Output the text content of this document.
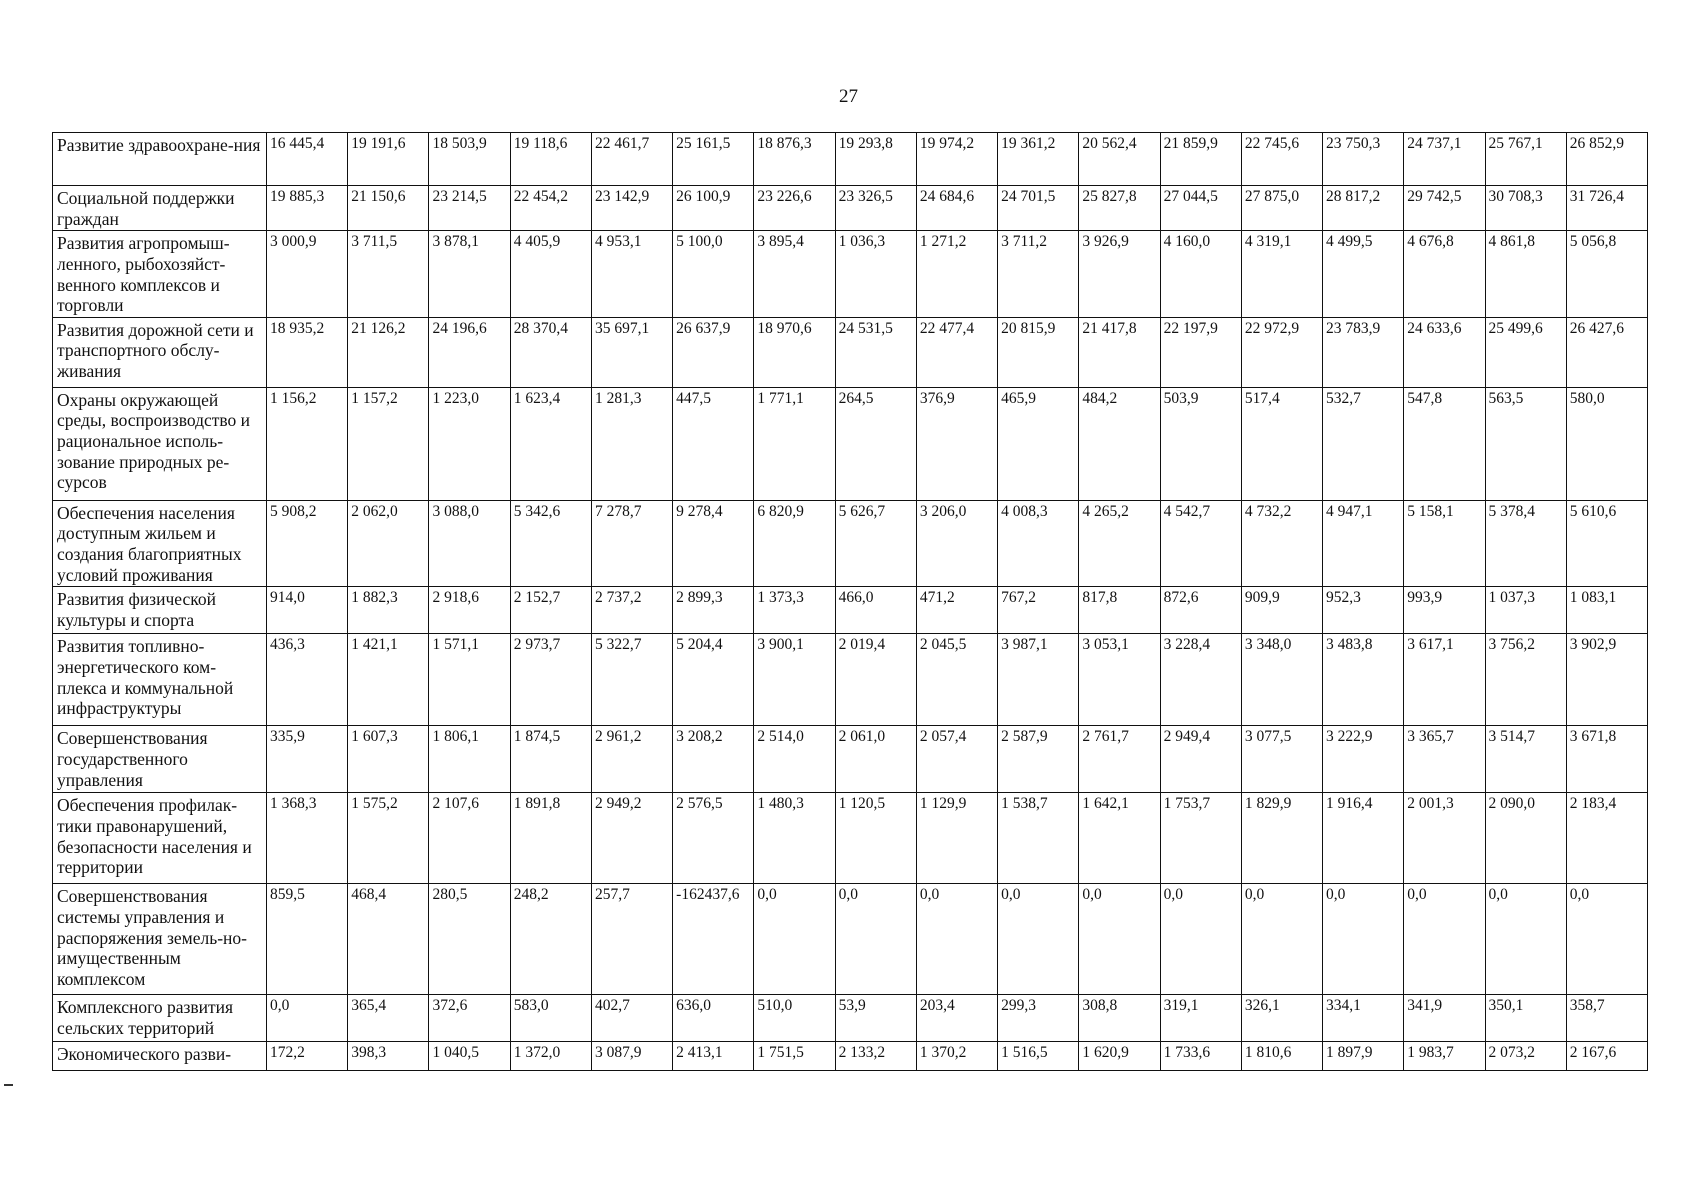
27
Развитие здравоохране-ния	16 445,4	19 191,6	18 503,9	19 118,6	22 461,7	25 161,5	18 876,3	19 293,8	19 974,2	19 361,2	20 562,4	21 859,9	22 745,6	23 750,3	24 737,1	25 767,1	26 852,9
Социальной поддержки граждан	19 885,3	21 150,6	23 214,5	22 454,2	23 142,9	26 100,9	23 226,6	23 326,5	24 684,6	24 701,5	25 827,8	27 044,5	27 875,0	28 817,2	29 742,5	30 708,3	31 726,4
Развития агропромыш-ленного, рыбохозяйст-венного комплексов и торговли	3 000,9	3 711,5	3 878,1	4 405,9	4 953,1	5 100,0	3 895,4	1 036,3	1 271,2	3 711,2	3 926,9	4 160,0	4 319,1	4 499,5	4 676,8	4 861,8	5 056,8
Развития дорожной сети и транспортного обслу-живания	18 935,2	21 126,2	24 196,6	28 370,4	35 697,1	26 637,9	18 970,6	24 531,5	22 477,4	20 815,9	21 417,8	22 197,9	22 972,9	23 783,9	24 633,6	25 499,6	26 427,6
Охраны окружающей среды, воспроизводство и рациональное исполь-зование природных ре-сурсов	1 156,2	1 157,2	1 223,0	1 623,4	1 281,3	447,5	1 771,1	264,5	376,9	465,9	484,2	503,9	517,4	532,7	547,8	563,5	580,0
Обеспечения населения доступным жильем и создания благоприятных условий проживания	5 908,2	2 062,0	3 088,0	5 342,6	7 278,7	9 278,4	6 820,9	5 626,7	3 206,0	4 008,3	4 265,2	4 542,7	4 732,2	4 947,1	5 158,1	5 378,4	5 610,6
Развития физической культуры и спорта	914,0	1 882,3	2 918,6	2 152,7	2 737,2	2 899,3	1 373,3	466,0	471,2	767,2	817,8	872,6	909,9	952,3	993,9	1 037,3	1 083,1
Развития топливно-энергетического ком-плекса и коммунальной инфраструктуры	436,3	1 421,1	1 571,1	2 973,7	5 322,7	5 204,4	3 900,1	2 019,4	2 045,5	3 987,1	3 053,1	3 228,4	3 348,0	3 483,8	3 617,1	3 756,2	3 902,9
Совершенствования государственного управления	335,9	1 607,3	1 806,1	1 874,5	2 961,2	3 208,2	2 514,0	2 061,0	2 057,4	2 587,9	2 761,7	2 949,4	3 077,5	3 222,9	3 365,7	3 514,7	3 671,8
Обеспечения профилак-тики правонарушений, безопасности населения и территории	1 368,3	1 575,2	2 107,6	1 891,8	2 949,2	2 576,5	1 480,3	1 120,5	1 129,9	1 538,7	1 642,1	1 753,7	1 829,9	1 916,4	2 001,3	2 090,0	2 183,4
Совершенствования системы управления и распоряжения земель-но-имущественным комплексом	859,5	468,4	280,5	248,2	257,7	-162437,6	0,0	0,0	0,0	0,0	0,0	0,0	0,0	0,0	0,0	0,0	0,0
Комплексного развития сельских территорий	0,0	365,4	372,6	583,0	402,7	636,0	510,0	53,9	203,4	299,3	308,8	319,1	326,1	334,1	341,9	350,1	358,7
Экономического разви-	172,2	398,3	1 040,5	1 372,0	3 087,9	2 413,1	1 751,5	2 133,2	1 370,2	1 516,5	1 620,9	1 733,6	1 810,6	1 897,9	1 983,7	2 073,2	2 167,6
